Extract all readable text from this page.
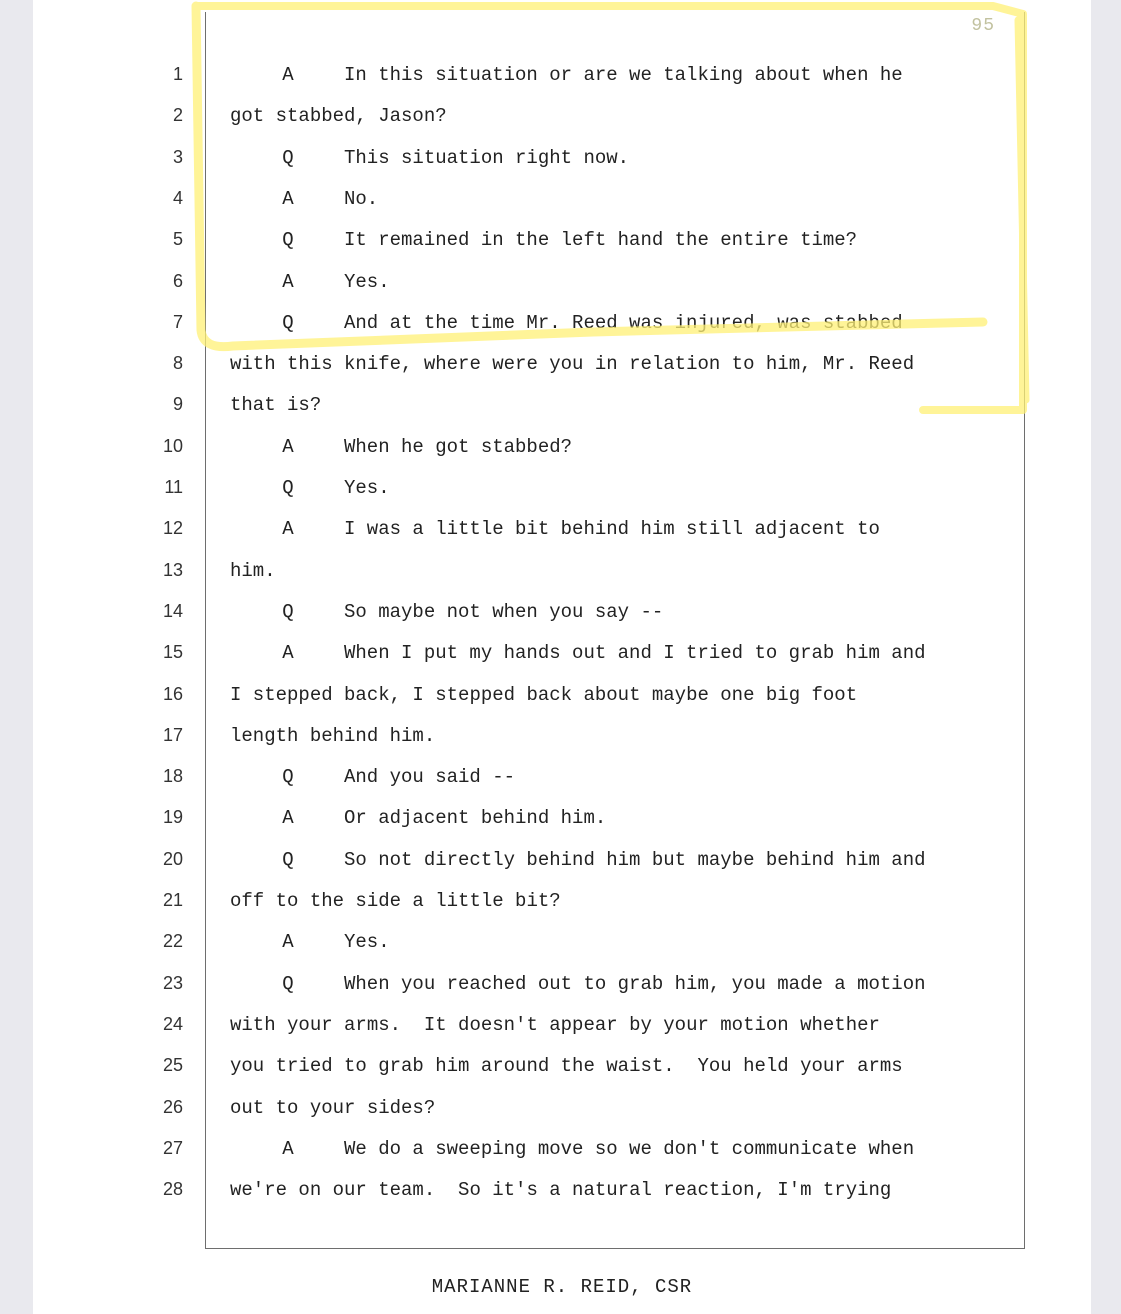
95
1	A	In this situation or are we talking about when he
2 got stabbed, Jason?
3	Q	This situation right now.
4	A	No.
5	Q	It remained in the left hand the entire time?
6	A	Yes.
7	Q	And at the time Mr. Reed was injured, was stabbed
8 with this knife, where were you in relation to him, Mr. Reed
9 that is?
10	A	When he got stabbed?
11	Q	Yes.
12	A	I was a little bit behind him still adjacent to
13 him.
14	Q	So maybe not when you say --
15	A	When I put my hands out and I tried to grab him and
16 I stepped back, I stepped back about maybe one big foot
17 length behind him.
18	Q	And you said --
19	A	Or adjacent behind him.
20	Q	So not directly behind him but maybe behind him and
21 off to the side a little bit?
22	A	Yes.
23	Q	When you reached out to grab him, you made a motion
24 with your arms.  It doesn't appear by your motion whether
25 you tried to grab him around the waist.  You held your arms
26 out to your sides?
27	A	We do a sweeping move so we don't communicate when
28 we're on our team.  So it's a natural reaction, I'm trying
MARIANNE R. REID, CSR
